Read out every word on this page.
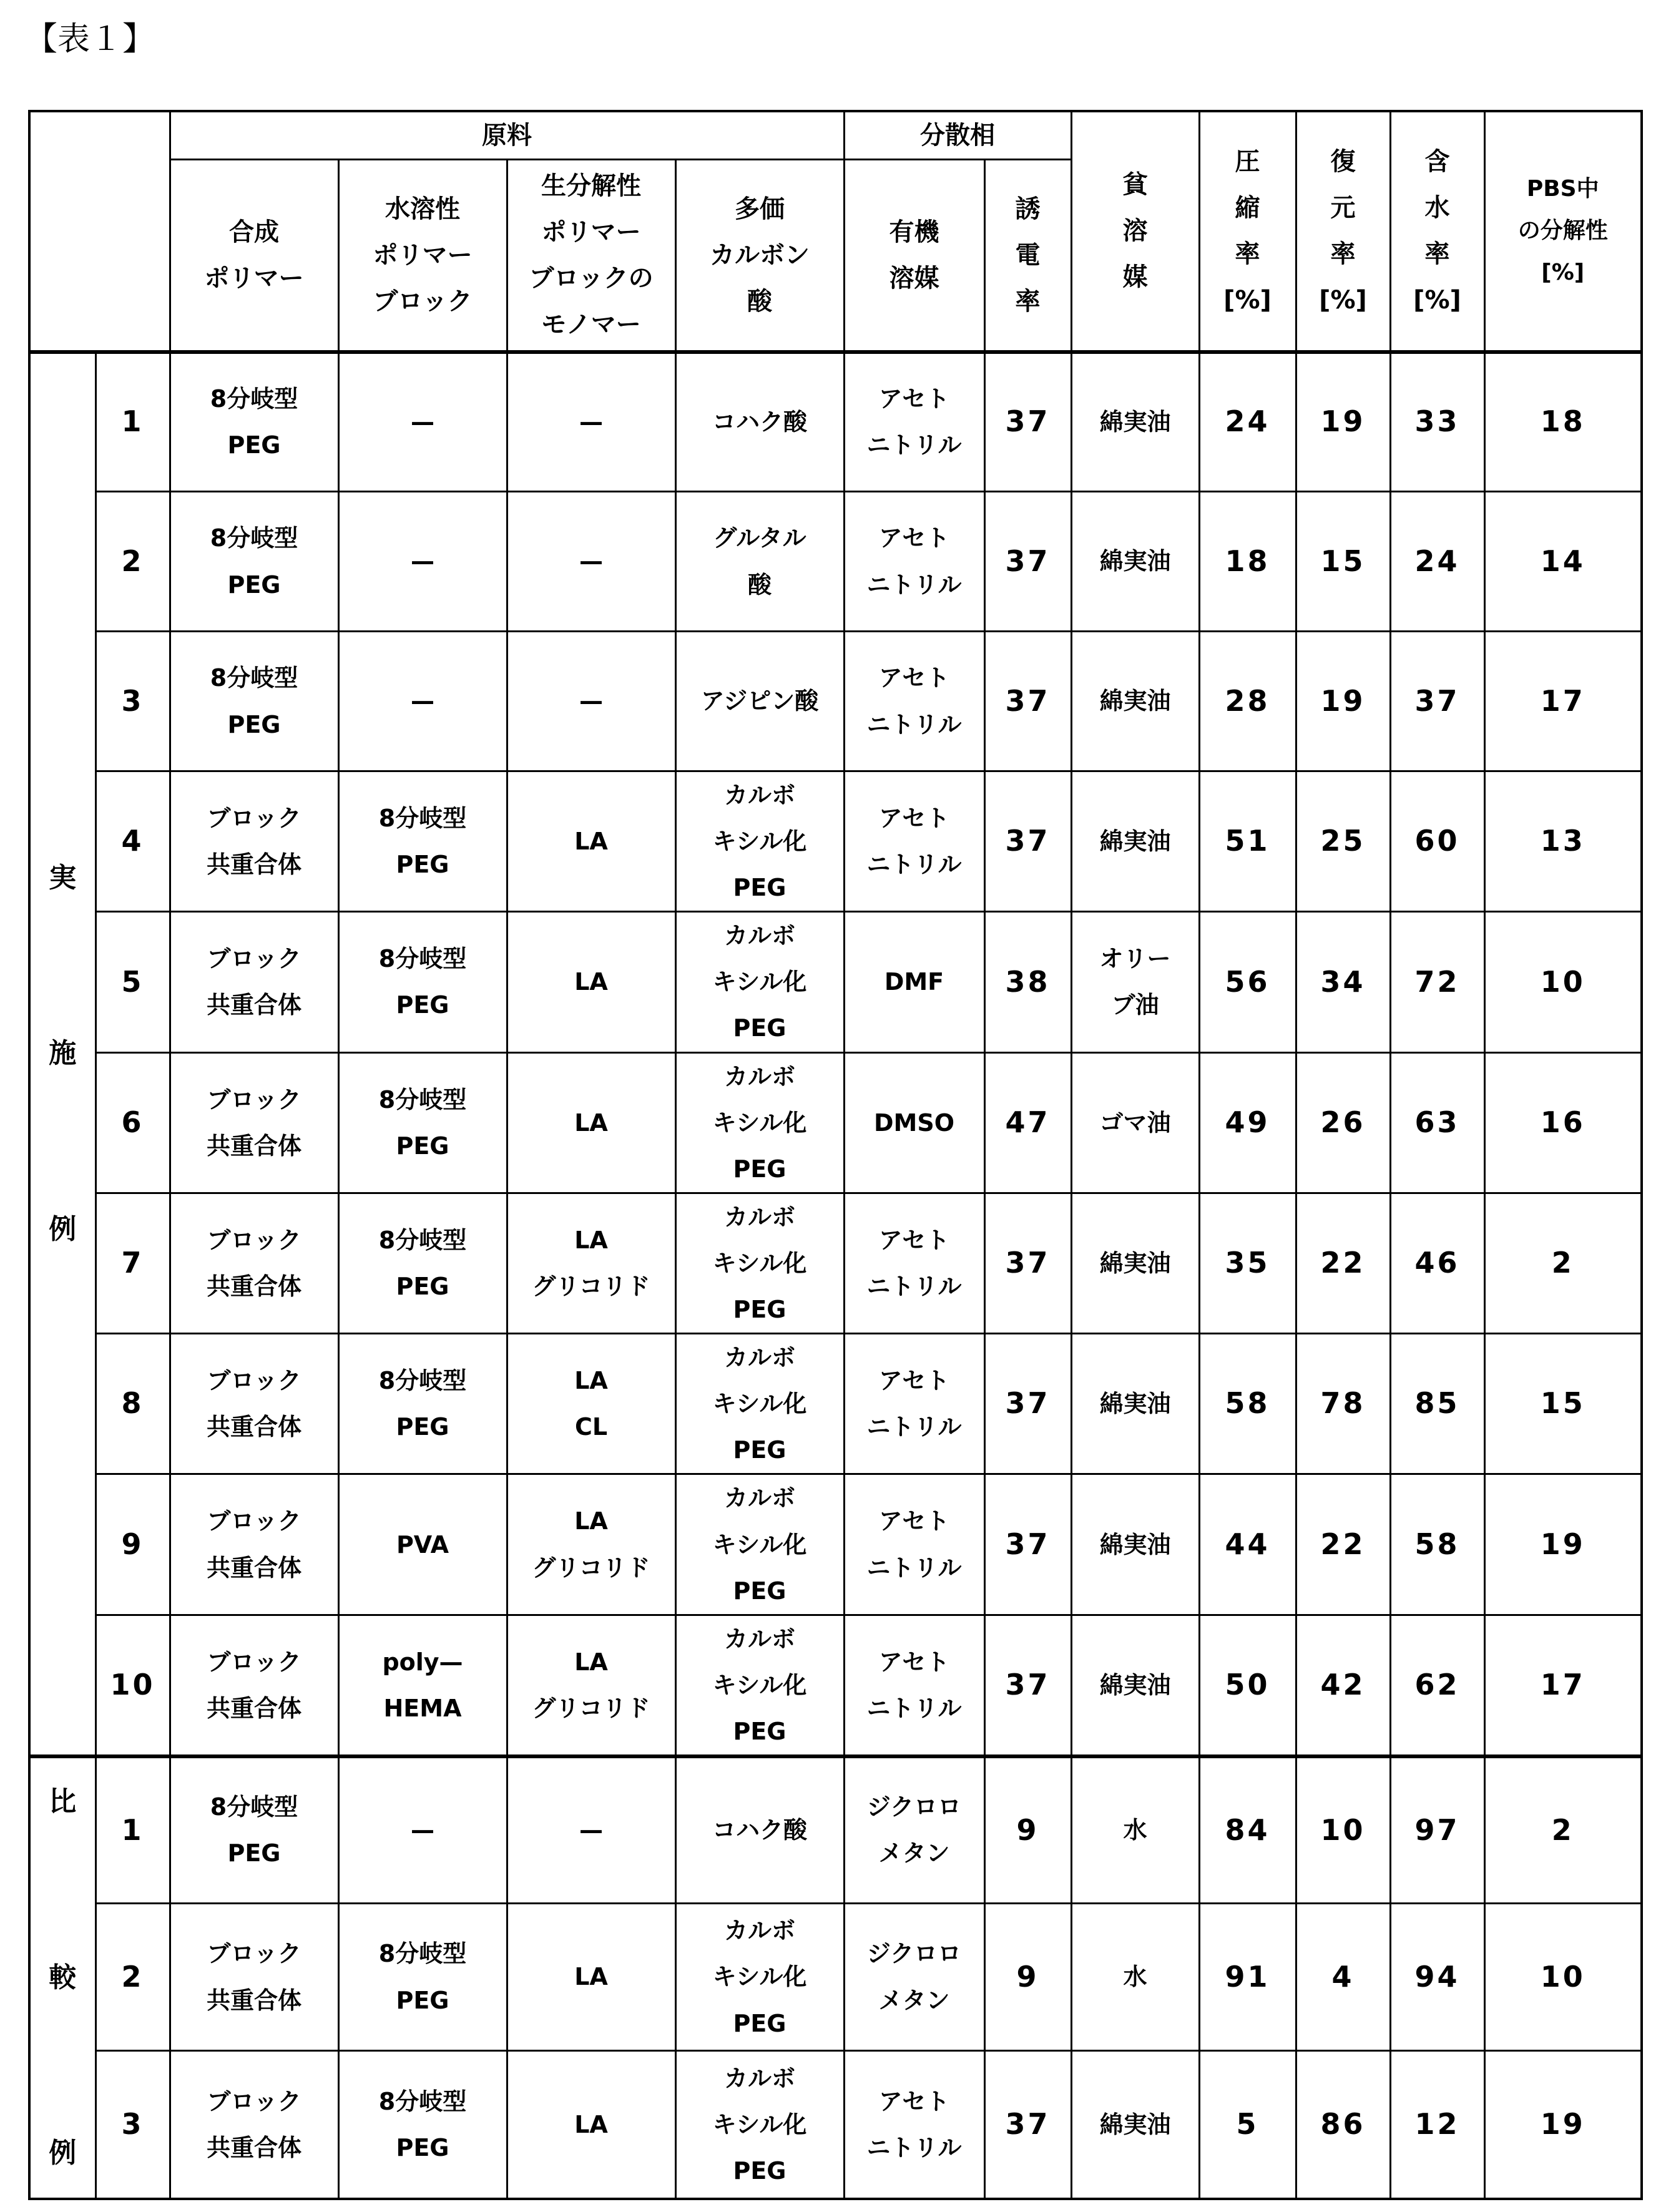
【表１】
	原料	分散相	貧
溶
媒	圧
縮
率
[%]	復
元
率
[%]	含
水
率
[%]	PBS中
の分解性
[%]
合成
ポリマー	水溶性
ポリマー
ブロック	生分解性
ポリマー
ブロックの
モノマー	多価
カルボン
酸	有機
溶媒	誘
電
率
実

施

例	1	8分岐型
PEG	—	—	コハク酸	アセト
ニトリル	37	綿実油	24	19	33	18
2	8分岐型
PEG	—	—	グルタル
酸	アセト
ニトリル	37	綿実油	18	15	24	14
3	8分岐型
PEG	—	—	アジピン酸	アセト
ニトリル	37	綿実油	28	19	37	17
4	ブロック
共重合体	8分岐型
PEG	LA	カルボ
キシル化
PEG	アセト
ニトリル	37	綿実油	51	25	60	13
5	ブロック
共重合体	8分岐型
PEG	LA	カルボ
キシル化
PEG	DMF	38	オリー
ブ油	56	34	72	10
6	ブロック
共重合体	8分岐型
PEG	LA	カルボ
キシル化
PEG	DMSO	47	ゴマ油	49	26	63	16
7	ブロック
共重合体	8分岐型
PEG	LA
グリコリド	カルボ
キシル化
PEG	アセト
ニトリル	37	綿実油	35	22	46	2
8	ブロック
共重合体	8分岐型
PEG	LA
CL	カルボ
キシル化
PEG	アセト
ニトリル	37	綿実油	58	78	85	15
9	ブロック
共重合体	PVA	LA
グリコリド	カルボ
キシル化
PEG	アセト
ニトリル	37	綿実油	44	22	58	19
10	ブロック
共重合体	poly—
HEMA	LA
グリコリド	カルボ
キシル化
PEG	アセト
ニトリル	37	綿実油	50	42	62	17
比

較

例	1	8分岐型
PEG	—	—	コハク酸	ジクロロ
メタン	9	水	84	10	97	2
2	ブロック
共重合体	8分岐型
PEG	LA	カルボ
キシル化
PEG	ジクロロ
メタン	9	水	91	4	94	10
3	ブロック
共重合体	8分岐型
PEG	LA	カルボ
キシル化
PEG	アセト
ニトリル	37	綿実油	5	86	12	19
